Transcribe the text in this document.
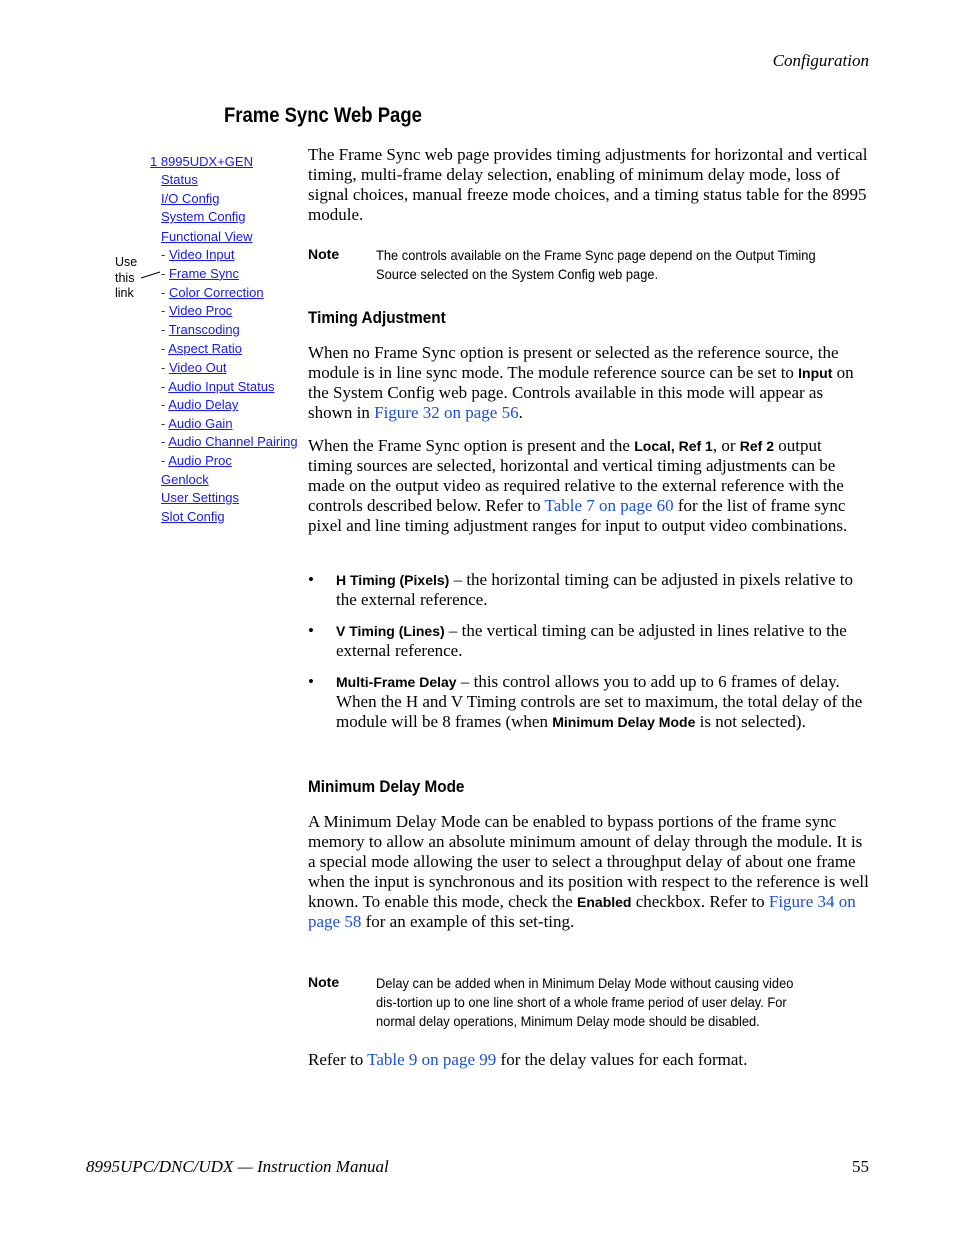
Configuration
Frame Sync Web Page
1 8995UDX+GEN
Status
I/O Config
System Config
Functional View
- Video Input
- Frame Sync
- Color Correction
- Video Proc
- Transcoding
- Aspect Ratio
- Video Out
- Audio Input Status
- Audio Delay
- Audio Gain
- Audio Channel Pairing
- Audio Proc
Genlock
User Settings
Slot Config
Use
this
link
The Frame Sync web page provides timing adjustments for horizontal and vertical timing, multi-frame delay selection, enabling of minimum delay mode, loss of signal choices, manual freeze mode choices, and a timing status table for the 8995 module.
Note	The controls available on the Frame Sync page depend on the Output Timing Source selected on the System Config web page.
Timing Adjustment
When no Frame Sync option is present or selected as the reference source, the module is in line sync mode. The module reference source can be set to Input on the System Config web page. Controls available in this mode will appear as shown in Figure 32 on page 56.
When the Frame Sync option is present and the Local, Ref 1, or Ref 2 output timing sources are selected, horizontal and vertical timing adjustments can be made on the output video as required relative to the external reference with the controls described below. Refer to Table 7 on page 60 for the list of frame sync pixel and line timing adjustment ranges for input to output video combinations.
• H Timing (Pixels) – the horizontal timing can be adjusted in pixels relative to the external reference.
• V Timing (Lines) – the vertical timing can be adjusted in lines relative to the external reference.
• Multi-Frame Delay – this control allows you to add up to 6 frames of delay. When the H and V Timing controls are set to maximum, the total delay of the module will be 8 frames (when Minimum Delay Mode is not selected).
Minimum Delay Mode
A Minimum Delay Mode can be enabled to bypass portions of the frame sync memory to allow an absolute minimum amount of delay through the module. It is a special mode allowing the user to select a throughput delay of about one frame when the input is synchronous and its position with respect to the reference is well known. To enable this mode, check the Enabled checkbox. Refer to Figure 34 on page 58 for an example of this set-ting.
Note	Delay can be added when in Minimum Delay Mode without causing video dis-tortion up to one line short of a whole frame period of user delay. For normal delay operations, Minimum Delay mode should be disabled.
Refer to Table 9 on page 99 for the delay values for each format.
8995UPC/DNC/UDX — Instruction Manual	55
